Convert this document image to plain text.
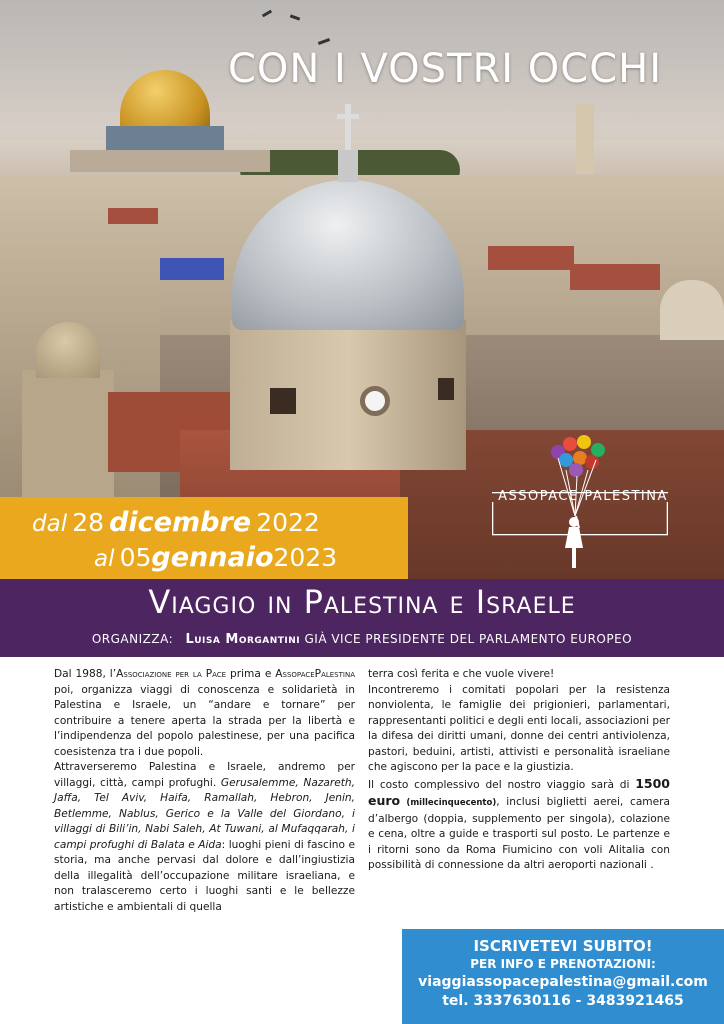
CON I VOSTRI OCCHI
ASSOPACE PALESTINA
dal 28 dicembre 2022
al 05gennaio2023
Viaggio in Palestina e Israele
ORGANIZZA: Luisa Morgantini GIÀ VICE PRESIDENTE DEL PARLAMENTO EUROPEO

Dal 1988, l’Associazione per la Pace prima e AssopacePalestina poi, organizza viaggi di conoscenza e solidarietà in Palestina e Israele, un “andare e tornare” per contribuire a tenere aperta la strada per la libertà e l’indipendenza del popolo palestinese, per una pacifica coesistenza tra i due popoli.

Attraverseremo Palestina e Israele, andremo per villaggi, città, campi profughi. Gerusalemme, Nazareth, Jaffa, Tel Aviv, Haifa, Ramallah, Hebron, Jenin, Betlemme, Nablus, Gerico e la Valle del Giordano, i villaggi di Bili’in, Nabi Saleh, At Tuwani, al Mufaqqarah, i campi profughi di Balata e Aida: luoghi pieni di fascino e storia, ma anche pervasi dal dolore e dall’ingiustizia della illegalità dell’occupazione militare israeliana, e non tralasceremo certo i luoghi santi e le bellezze artistiche e ambientali di quella

terra così ferita e che vuole vivere!

Incontreremo i comitati popolari per la resistenza nonviolenta, le famiglie dei prigionieri, parlamentari, rappresentanti politici e degli enti locali, associazioni per la difesa dei diritti umani, donne dei centri antiviolenza, pastori, beduini, artisti, attivisti e personalità israeliane che agiscono per la pace e la giustizia.

Il costo complessivo del nostro viaggio sarà di 1500 euro (millecinquecento), inclusi biglietti aerei, camera d’albergo (doppia, supplemento per singola), colazione e cena, oltre a guide e trasporti sul posto. Le partenze e i ritorni sono da Roma Fiumicino con voli Alitalia con possibilità di connessione da altri aeroporti nazionali .

ISCRIVETEVI SUBITO!
PER INFO E PRENOTAZIONI:
viaggiassopacepalestina@gmail.com
tel. 3337630116 - 3483921465
